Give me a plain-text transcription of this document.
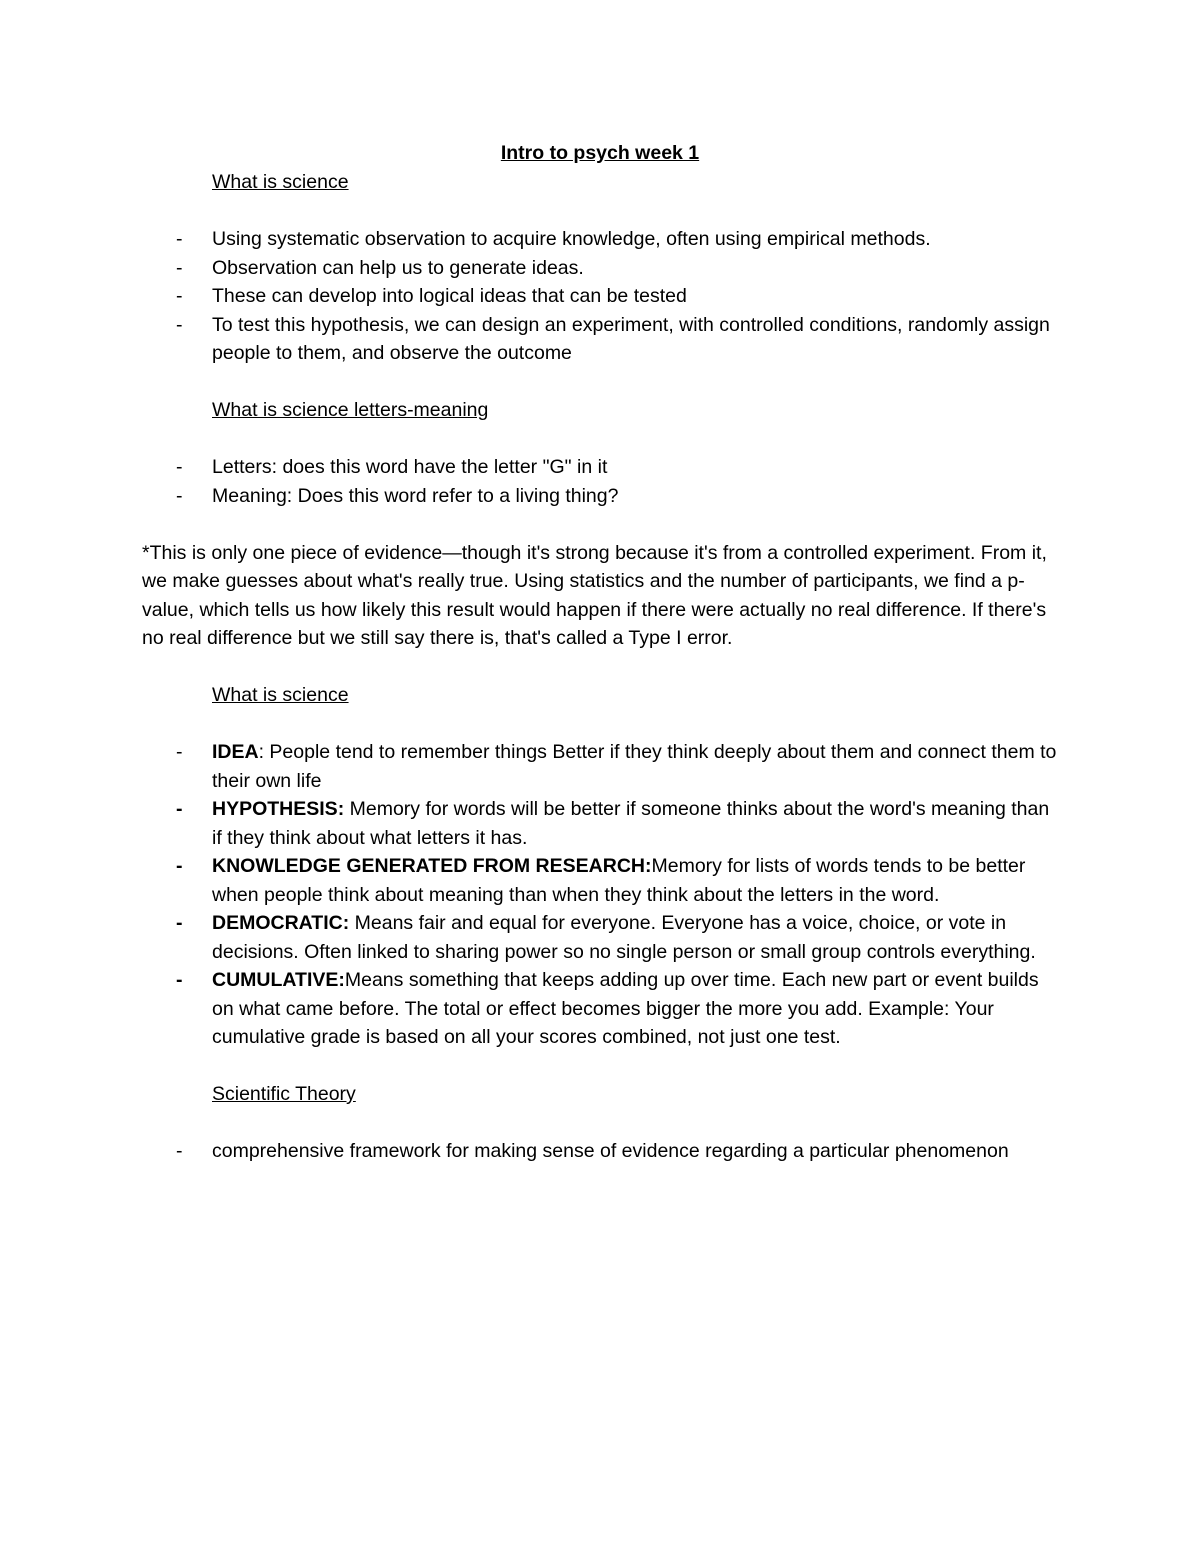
Intro to psych week 1

What is science

- Using systematic observation to acquire knowledge, often using empirical methods.
- Observation can help us to generate ideas.
- These can develop into logical ideas that can be tested
- To test this hypothesis, we can design an experiment, with controlled conditions, randomly assign people to them, and observe the outcome

What is science letters-meaning

- Letters: does this word have the letter "G" in it
- Meaning: Does this word refer to a living thing?

*This is only one piece of evidence—though it's strong because it's from a controlled experiment. From it, we make guesses about what's really true. Using statistics and the number of participants, we find a p-value, which tells us how likely this result would happen if there were actually no real difference. If there's no real difference but we still say there is, that's called a Type I error.

What is science

- IDEA: People tend to remember things Better if they think deeply about them and connect them to their own life
- HYPOTHESIS: Memory for words will be better if someone thinks about the word's meaning than if they think about what letters it has.
- KNOWLEDGE GENERATED FROM RESEARCH:Memory for lists of words tends to be better when people think about meaning than when they think about the letters in the word.
- DEMOCRATIC: Means fair and equal for everyone. Everyone has a voice, choice, or vote in decisions. Often linked to sharing power so no single person or small group controls everything.
- CUMULATIVE:Means something that keeps adding up over time. Each new part or event builds on what came before. The total or effect becomes bigger the more you add. Example: Your cumulative grade is based on all your scores combined, not just one test.

Scientific Theory

- comprehensive framework for making sense of evidence regarding a particular phenomenon
